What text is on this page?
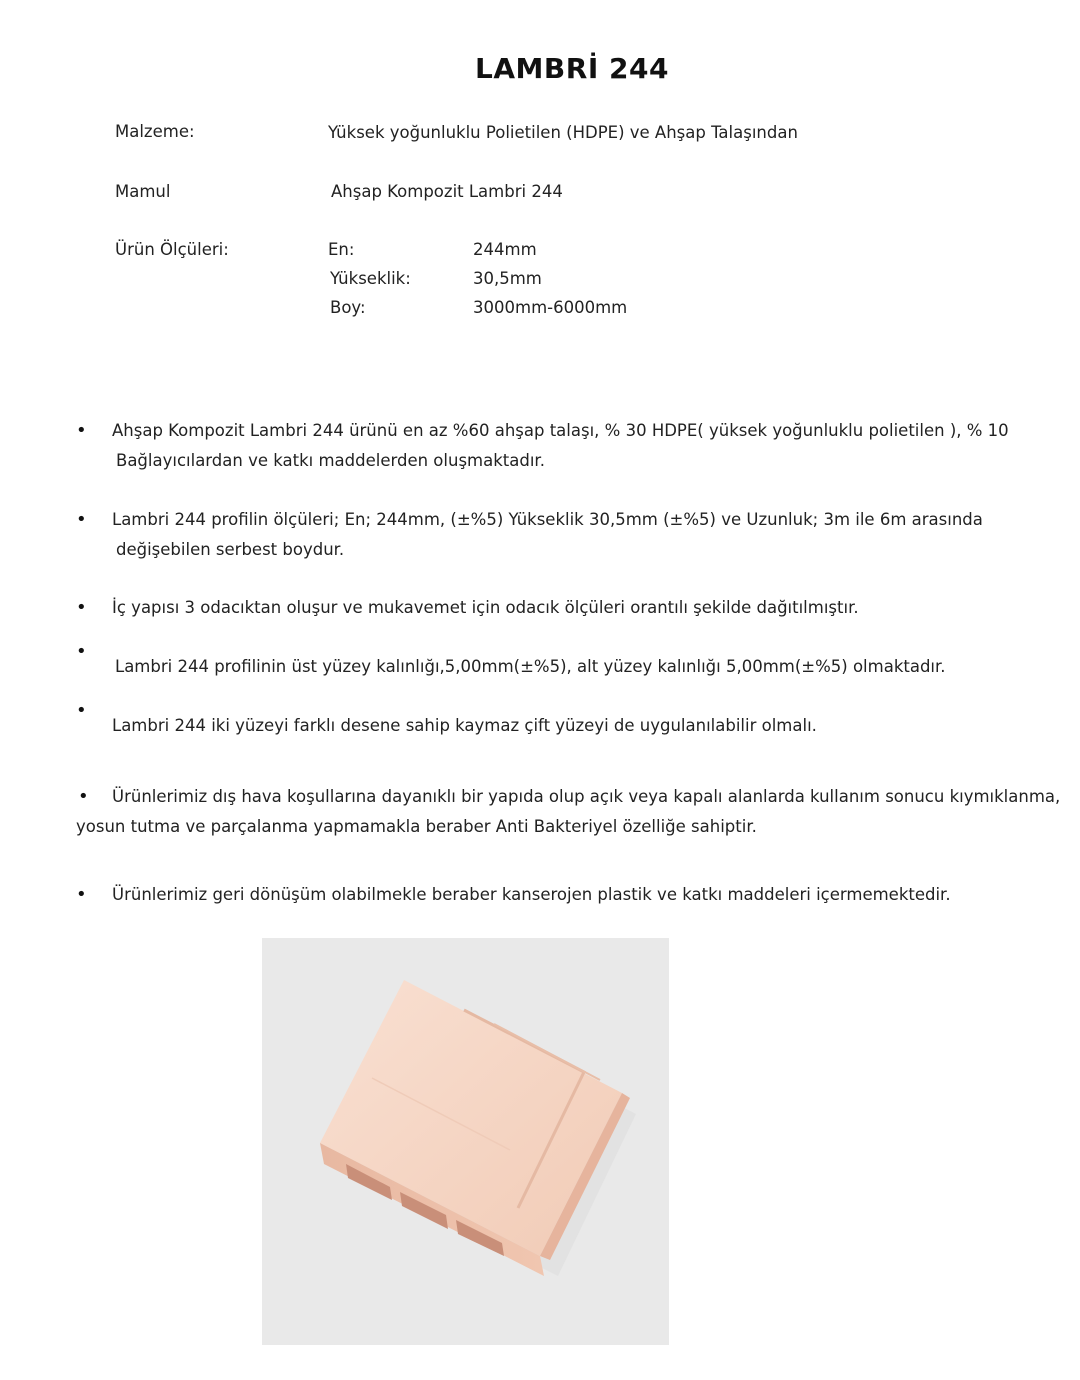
LAMBRİ 244
Malzeme:	Yüksek yoğunluklu Polietilen (HDPE) ve Ahşap Talaşından
Mamul	Ahşap Kompozit Lambri 244
Ürün Ölçüleri:	En:	244mm
Yükseklik:	30,5mm
Boy:	3000mm-6000mm
• Ahşap Kompozit Lambri 244 ürünü en az %60 ahşap talaşı, % 30 HDPE( yüksek yoğunluklu polietilen ), % 10
Bağlayıcılardan ve katkı maddelerden oluşmaktadır.
• Lambri 244 profilin ölçüleri; En; 244mm, (±%5) Yükseklik 30,5mm (±%5) ve Uzunluk; 3m ile 6m arasında
değişebilen serbest boydur.
• İç yapısı 3 odacıktan oluşur ve mukavemet için odacık ölçüleri orantılı şekilde dağıtılmıştır.
•
Lambri 244 profilinin üst yüzey kalınlığı,5,00mm(±%5), alt yüzey kalınlığı 5,00mm(±%5) olmaktadır.
•
Lambri 244 iki yüzeyi farklı desene sahip kaymaz çift yüzeyi de uygulanılabilir olmalı.
• Ürünlerimiz dış hava koşullarına dayanıklı bir yapıda olup açık veya kapalı alanlarda kullanım sonucu kıymıklanma,
yosun tutma ve parçalanma yapmamakla beraber Anti Bakteriyel özelliğe sahiptir.
• Ürünlerimiz geri dönüşüm olabilmekle beraber kanserojen plastik ve katkı maddeleri içermemektedir.
